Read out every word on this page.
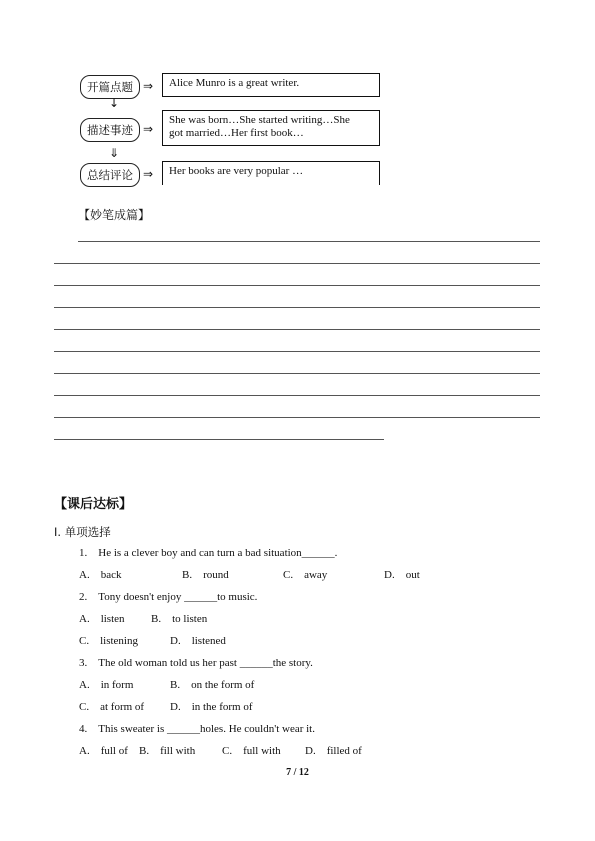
开篇点题 ⇒	Alice Munro is a great writer.
↓
描述事迹 ⇒
She was born…She started writing…She
got married…Her first book…
⇓
总结评论 ⇒	Her books are very popular …
【妙笔成篇】
【课后达标】
Ⅰ. 单项选择
1.　He is a clever boy and can turn a bad situation______.
A.　back	B.　round	C.　away	D.　out
2.　Tony doesn't enjoy ______to music.
A.　listen B.　to listen
C.　listening	D.　listened
3.　The old woman told us her past ______the story.
A.　in form	B.　on the form of
C.　at form of D.　in the form of
4.　This sweater is ______holes. He couldn't wear it.
A.　full of B.　fill with C.　full with D.　filled of
7 / 12
